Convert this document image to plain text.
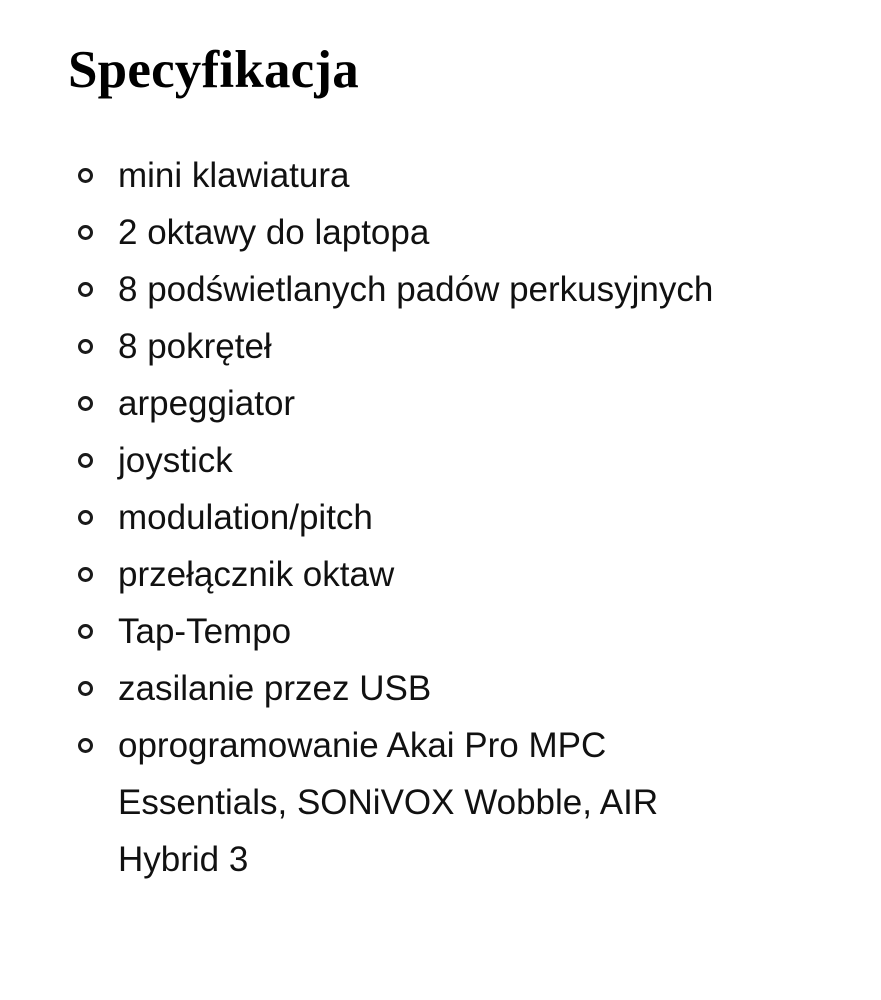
Specyfikacja
mini klawiatura
2 oktawy do laptopa
8 podświetlanych padów perkusyjnych
8 pokręteł
arpeggiator
joystick
modulation/pitch
przełącznik oktaw
Tap-Tempo
zasilanie przez USB
oprogramowanie Akai Pro MPC Essentials, SONiVOX Wobble, AIR Hybrid 3
